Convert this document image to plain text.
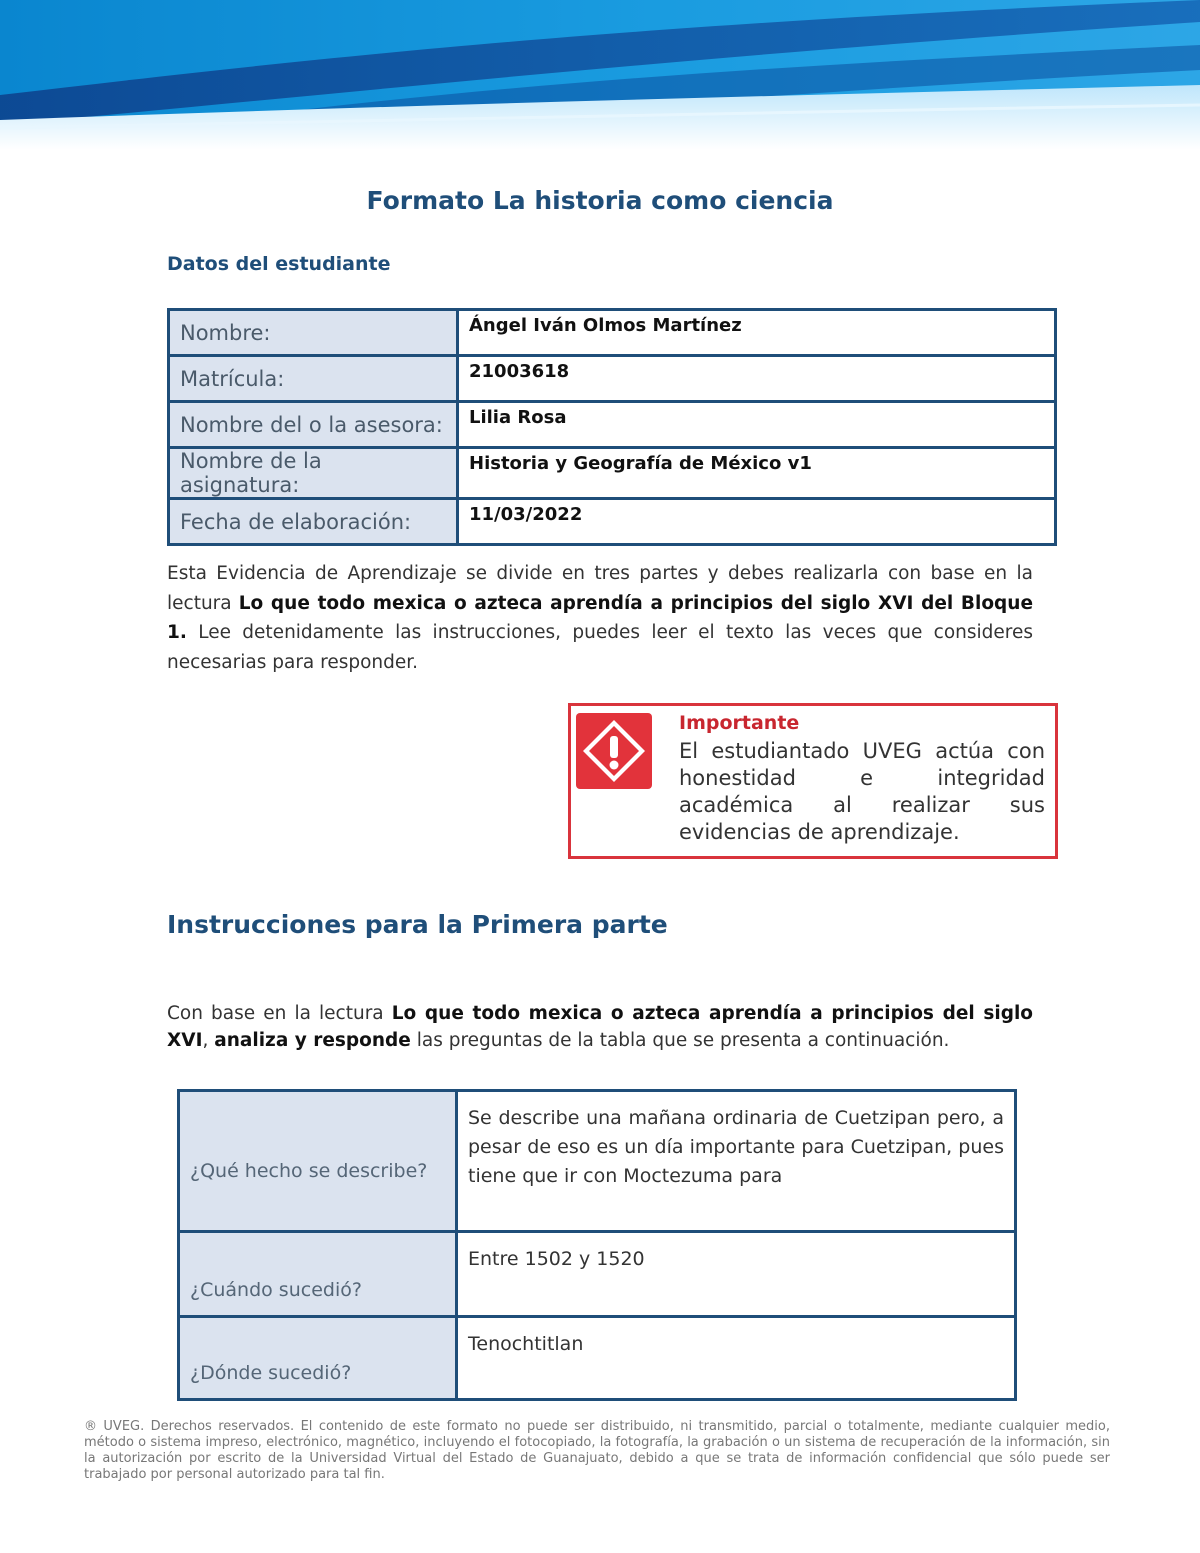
Formato La historia como ciencia
Datos del estudiante
Nombre:	Ángel Iván Olmos Martínez
Matrícula:	21003618
Nombre del o la asesora:	Lilia Rosa
Nombre de la asignatura:	Historia y Geografía de México v1
Fecha de elaboración:	11/03/2022
Esta Evidencia de Aprendizaje se divide en tres partes y debes realizarla con base en la lectura Lo que todo mexica o azteca aprendía a principios del siglo XVI del Bloque 1. Lee detenidamente las instrucciones, puedes leer el texto las veces que consideres necesarias para responder.
Importante
El estudiantado UVEG actúa con honestidad e integridad académica al realizar sus evidencias de aprendizaje.
Instrucciones para la Primera parte
Con base en la lectura Lo que todo mexica o azteca aprendía a principios del siglo XVI, analiza y responde las preguntas de la tabla que se presenta a continuación.
¿Qué hecho se describe?	Se describe una mañana ordinaria de Cuetzipan pero, a pesar de eso es un día importante para Cuetzipan, pues tiene que ir con Moctezuma para
¿Cuándo sucedió?	Entre 1502 y 1520
¿Dónde sucedió?	Tenochtitlan
® UVEG. Derechos reservados. El contenido de este formato no puede ser distribuido, ni transmitido, parcial o totalmente, mediante cualquier medio, método o sistema impreso, electrónico, magnético, incluyendo el fotocopiado, la fotografía, la grabación o un sistema de recuperación de la información, sin la autorización por escrito de la Universidad Virtual del Estado de Guanajuato, debido a que se trata de información confidencial que sólo puede ser trabajado por personal autorizado para tal fin.
